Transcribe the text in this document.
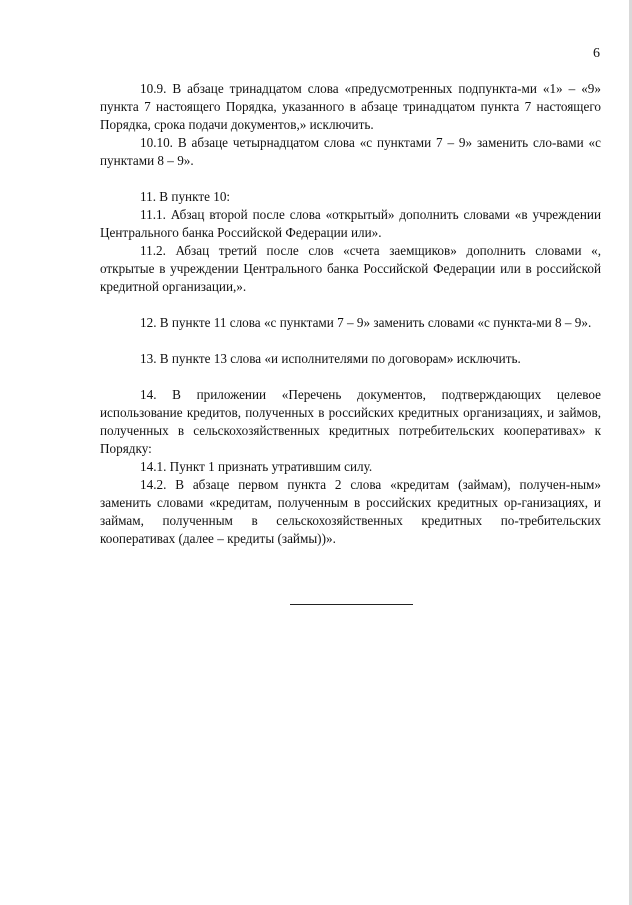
6

10.9. В абзаце тринадцатом слова «предусмотренных подпункта-ми «1» – «9» пункта 7 настоящего Порядка, указанного в абзаце тринадцатом пункта 7 настоящего Порядка, срока подачи документов,» исключить.

10.10. В абзаце четырнадцатом слова «с пунктами 7 – 9» заменить сло-вами «с пунктами 8 – 9».

11. В пункте 10:

11.1. Абзац второй после слова «открытый» дополнить словами «в учреждении Центрального банка Российской Федерации или».

11.2. Абзац третий после слов «счета заемщиков» дополнить словами «, открытые в учреждении Центрального банка Российской Федерации или в российской кредитной организации,».

12. В пункте 11 слова «с пунктами 7 – 9» заменить словами «с пункта-ми 8 – 9».

13. В пункте 13 слова «и исполнителями по договорам» исключить.

14. В приложении «Перечень документов, подтверждающих целевое использование кредитов, полученных в российских кредитных организациях, и займов, полученных в сельскохозяйственных кредитных потребительских кооперативах» к Порядку:

14.1. Пункт 1 признать утратившим силу.

14.2. В абзаце первом пункта 2 слова «кредитам (займам), получен-ным» заменить словами «кредитам, полученным в российских кредитных ор-ганизациях, и займам, полученным в сельскохозяйственных кредитных по-требительских кооперативах (далее – кредиты (займы))».
